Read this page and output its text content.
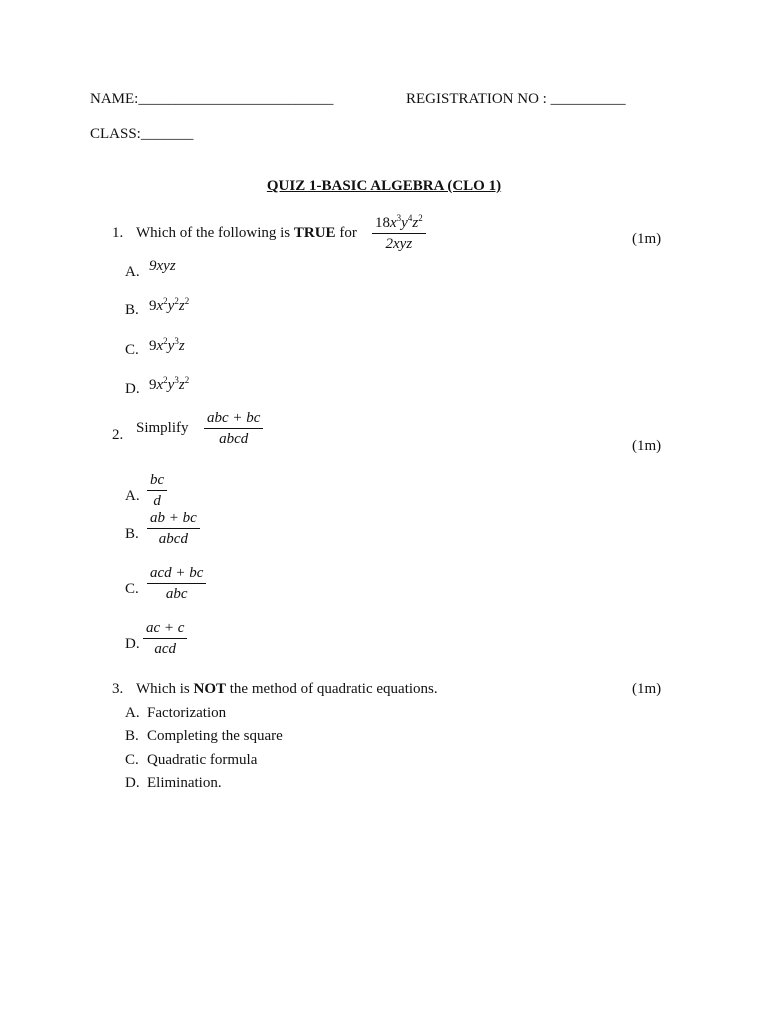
NAME:__________________________	REGISTRATION NO : __________
CLASS:_______
QUIZ 1-BASIC ALGEBRA (CLO 1)
1. Which of the following is TRUE for $\frac{18x^3y^4z^2}{\text{2xyz}}$	(1m)
A. 9xyz
B. $9x^2y^2z^2$
C. $9x^2y^3z$
D. $9x^2y^3z^2$
2. Simplify $\frac{\text{abc + bc}}{\text{abcd}}$	(1m)
A. $\frac{bc}{d}$
B. $\frac{ab + bc}{\text{abcd}}$
C. $\frac{\text{acd + bc}}{\text{abc}}$
D. $\frac{ac + c}{\text{acd}}$
3. Which is NOT the method of quadratic equations.	(1m)
A. Factorization
B. Completing the square
C. Quadratic formula
D. Elimination.
